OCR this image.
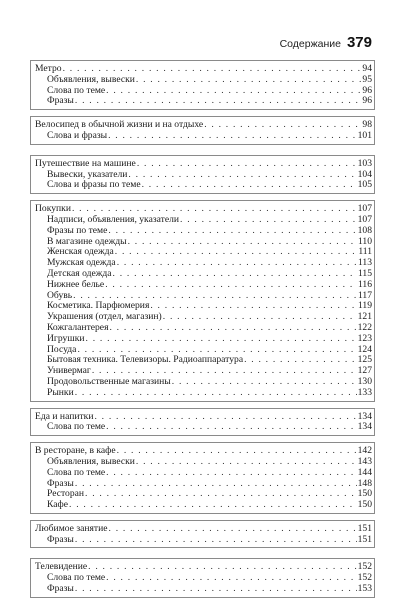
Содержание 379
Метро . . .	94
Объявления, вывески . . .	95
Слова по теме . . .	96
Фразы . . .	96
Велосипед в обычной жизни и на отдыхе . . .	98
Слова и фразы . . .	101
Путешествие на машине . . .	103
Вывески, указатели . . .	104
Слова и фразы по теме . . .	105
Покупки . . .	107
Надписи, объявления, указатели . . .	107
Фразы по теме . . .	108
В магазине одежды . . .	110
Женская одежда . . .	111
Мужская одежда . . .	113
Детская одежда . . .	115
Нижнее белье . . .	116
Обувь . . .	117
Косметика. Парфюмерия . . .	119
Украшения (отдел, магазин) . . .	121
Кожгалантерея . . .	122
Игрушки . . .	123
Посуда . . .	124
Бытовая техника. Телевизоры. Радиоаппаратура . . .	125
Универмаг . . .	127
Продовольственные магазины . . .	130
Рынки . . .	133
Еда и напитки . . .	134
Слова по теме . . .	134
В ресторане, в кафе . . .	142
Объявления, вывески . . .	143
Слова по теме . . .	144
Фразы . . .	148
Ресторан . . .	150
Кафе . . .	150
Любимое занятие . . .	151
Фразы . . .	151
Телевидение . . .	152
Слова по теме . . .	152
Фразы . . .	153
